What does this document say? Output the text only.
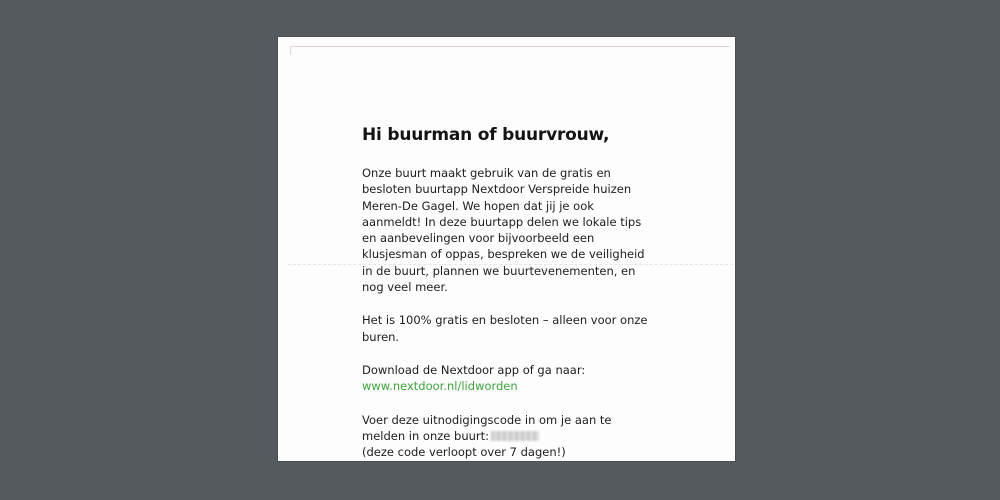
Hi buurman of buurvrouw,

Onze buurt maakt gebruik van de gratis en besloten buurtapp Nextdoor Verspreide huizen Meren-De Gagel. We hopen dat jij je ook aanmeldt! In deze buurtapp delen we lokale tips en aanbevelingen voor bijvoorbeeld een klusjesman of oppas, bespreken we de veiligheid in de buurt, plannen we buurtevenementen, en nog veel meer.

Het is 100% gratis en besloten – alleen voor onze buren.

Download de Nextdoor app of ga naar:
www.nextdoor.nl/lidworden

Voer deze uitnodigingscode in om je aan te melden in onze buurt:
(deze code verloopt over 7 dagen!)
